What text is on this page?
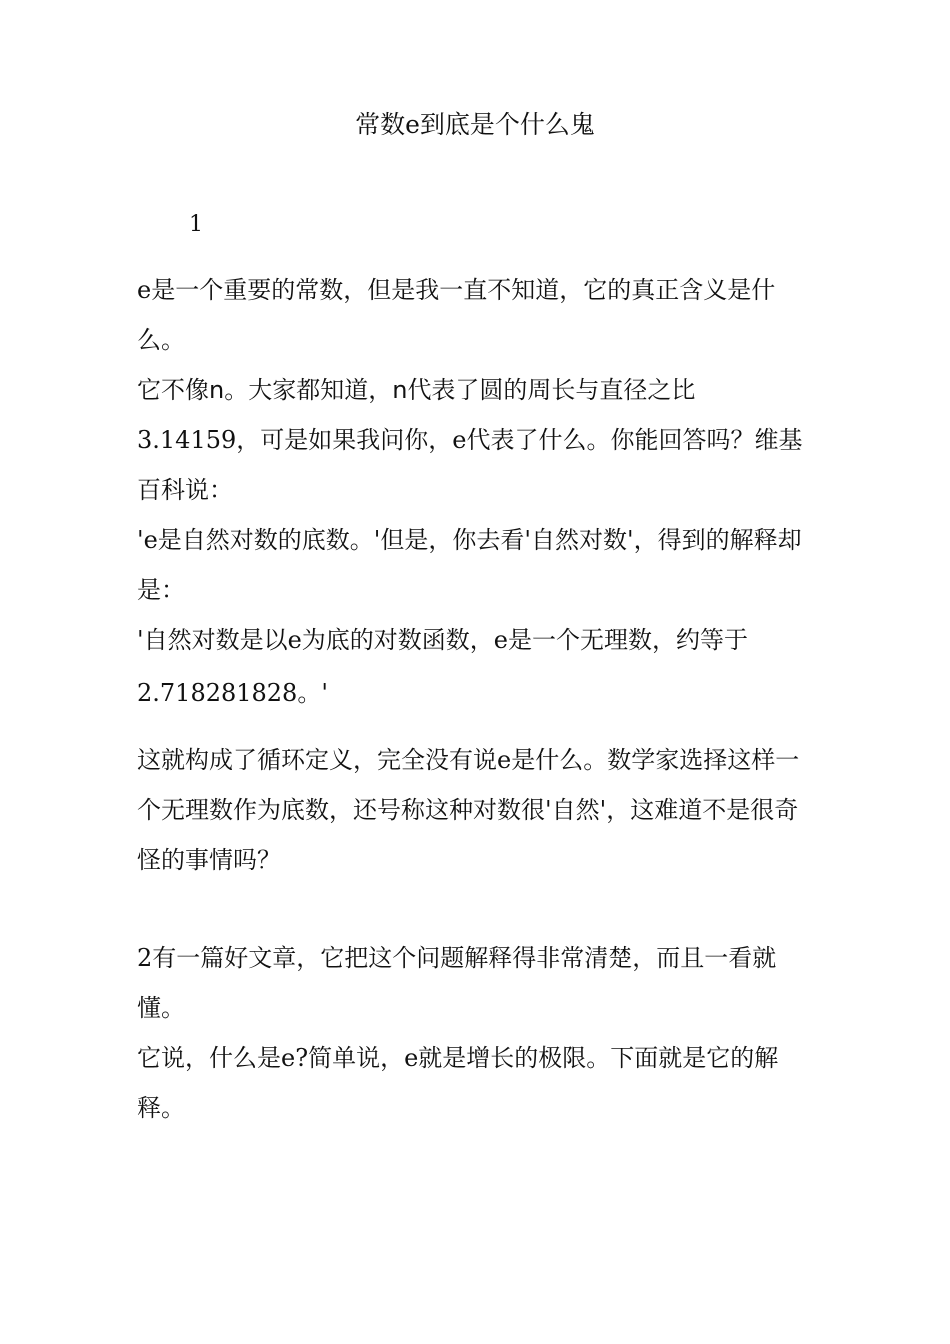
常数e到底是个什么鬼
1

e是一个重要的常数，但是我一直不知道，它的真正含义是什么。

它不像n。大家都知道，n代表了圆的周长与直径之比3.14159，可是如果我问你，e代表了什么。你能回答吗？维基百科说：

'e是自然对数的底数。'但是，你去看'自然对数'，得到的解释却是：

'自然对数是以e为底的对数函数，e是一个无理数，约等于

2.718281828。'

这就构成了循环定义，完全没有说e是什么。数学家选择这样一个无理数作为底数，还号称这种对数很'自然'，这难道不是很奇怪的事情吗？

2有一篇好文章，它把这个问题解释得非常清楚，而且一看就懂。

它说，什么是e?简单说，e就是增长的极限。下面就是它的解释。
